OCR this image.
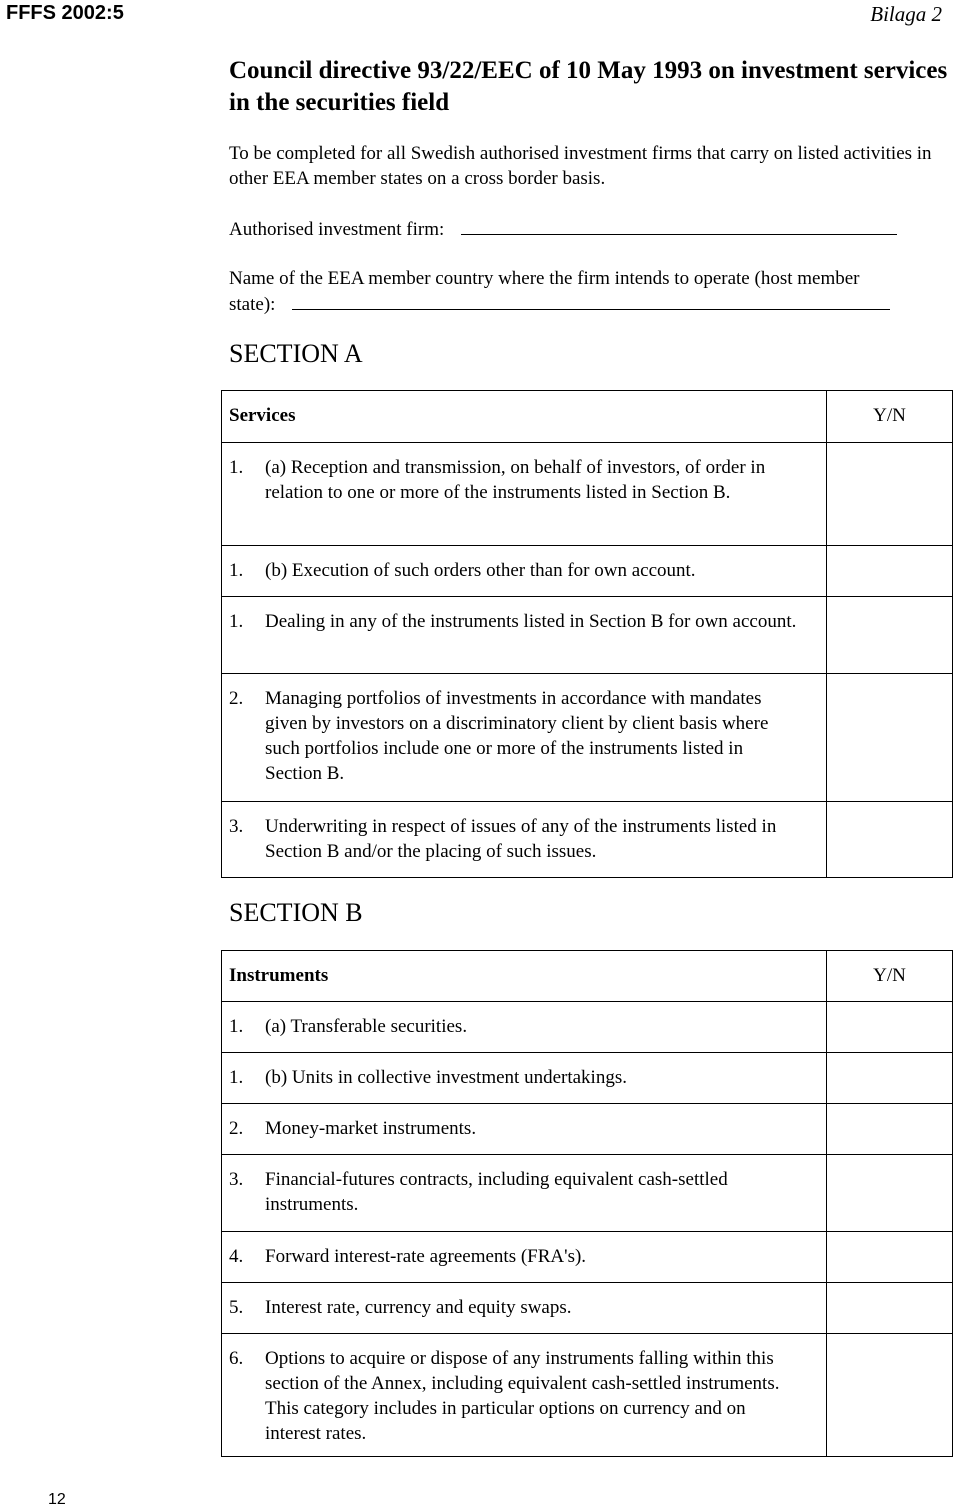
FFFS 2002:5	Bilaga 2
Council directive 93/22/EEC of 10 May 1993 on investment services in the securities field
To be completed for all Swedish authorised investment firms that carry on listed activities in other EEA member states on a cross border basis.
Authorised investment firm:
Name of the EEA member country where the firm intends to operate (host member
state):
SECTION A
Services	Y/N

1. (a) Reception and transmission, on behalf of investors, of order in relation to one or more of the instruments listed in Section B.	

1. (b) Execution of such orders other than for own account.	

1. Dealing in any of the instruments listed in Section B for own account.	

2. Managing portfolios of investments in accordance with mandates given by investors on a discriminatory client by client basis where such portfolios include one or more of the instruments listed in Section B.	

3. Underwriting in respect of issues of any of the instruments listed in Section B and/or the placing of such issues.	

SECTION B
Instruments	Y/N

1. (a) Transferable securities.	

1. (b) Units in collective investment undertakings.	

2. Money-market instruments.	

3. Financial-futures contracts, including equivalent cash-settled instruments.	

4. Forward interest-rate agreements (FRA's).	

5. Interest rate, currency and equity swaps.	

6. Options to acquire or dispose of any instruments falling within this section of the Annex, including equivalent cash-settled instruments. This category includes in particular options on currency and on interest rates.	

12
